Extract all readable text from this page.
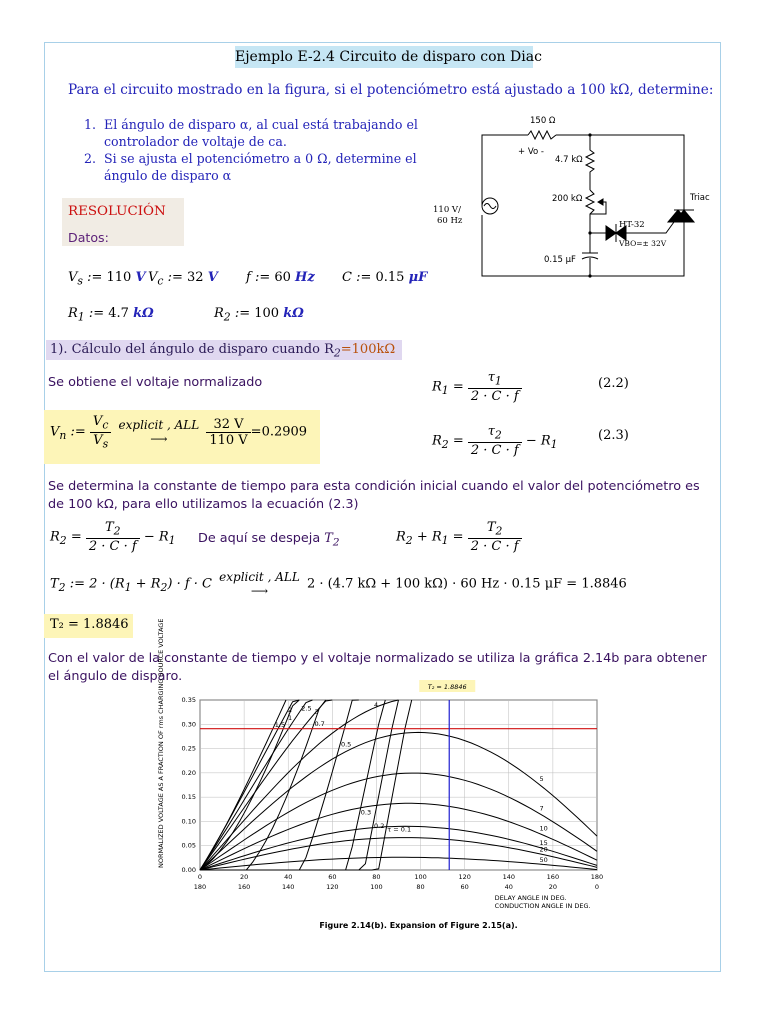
Ejemplo E-2.4 Circuito de disparo con Diac
Para el circuito mostrado en la figura, si el potenciómetro está ajustado a 100 kΩ, determine:
1. El ángulo de disparo α, al cual está trabajando el controlador de voltaje de ca.
2. Si se ajusta el potenciómetro a 0 Ω, determine el ángulo de disparo α
150 Ω
+ Vo -
4.7 kΩ
200 kΩ
110 V/
60 Hz
Triac
HT-32
VBO=± 32V
0.15 μF
RESOLUCIÓN
Datos:
$V_s$ := 110 V $V_c$ := 32 V f := 60 Hz C := 0.15 μF
$R_1$ := 4.7 kΩ	$R_2$ := 100 kΩ
1). Cálculo del ángulo de disparo cuando $R_2=100k\Omega$
Se obtiene el voltaje normalizado	$R_1 = \frac{\tau_1}{2 \cdot C \cdot f}$	(2.2)
$V_n$ := $\frac{V_c}{V_s}$
explicit , ALL
⟶
	$\frac{32 V}{110 V} =0.2909$
$R_2 = \frac{\tau_2}{2 \cdot C \cdot f} - R_1$
(2.3)
Se determina la constante de tiempo para esta condición inicial cuando el valor del potenciómetro es de 100 kΩ, para ello utilizamos la ecuación (2.3)
$R_2 = \frac{T_2}{2 \cdot C \cdot f} - R_1$ De aquí se despeja $T_2$	$R_2 + R_1 = \frac{T_2}{2 \cdot C \cdot f}$
$T_2$ := $2 \cdot (R_1 + R_2) \cdot f \cdot C$ explicit , ALL
⟶	2 · (4.7 kΩ + 100 kΩ) · 60 Hz · 0.15 μF = 1.8846
T₂ = 1.8846
Con el valor de la constante de tiempo y el voltaje normalizado se utiliza la gráfica 2.14b para obtener el ángulo de disparo.
0.00
0.05
0.10
0.15
0.20
0.25
0.30
0.35
0
180
20
160
40
140
60
120
80
100
100
80
120
60
140
40
160
20
180
0
τ = 0.1
0.2
0.3
0.5
0.7
1
1.5
2 2.5 3
4
5
7
10
15
20
50
T₂ = 1.8846
NORMALIZED VOLTAGE AS A FRACTION OF rms CHARGING SOURCE VOLTAGE
DELAY ANGLE IN DEG.
CONDUCTION ANGLE IN DEG.
Figure 2.14(b). Expansion of Figure 2.15(a).
